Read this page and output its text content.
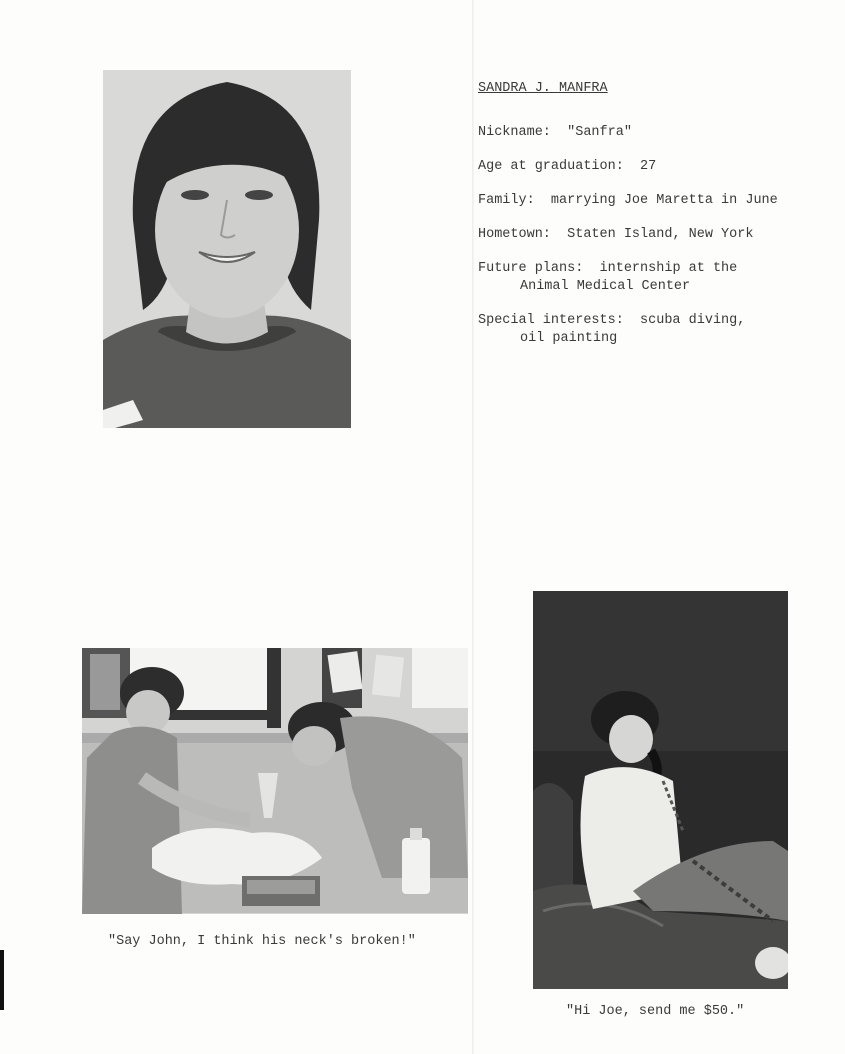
SANDRA J. MANFRA
Nickname: "Sanfra"
Age at graduation: 27
Family: marrying Joe Maretta in June
Hometown: Staten Island, New York
Future plans: internship at the
Animal Medical Center
Special interests: scuba diving,
oil painting
"Say John, I think his neck's broken!"
"Hi Joe, send me $50."
